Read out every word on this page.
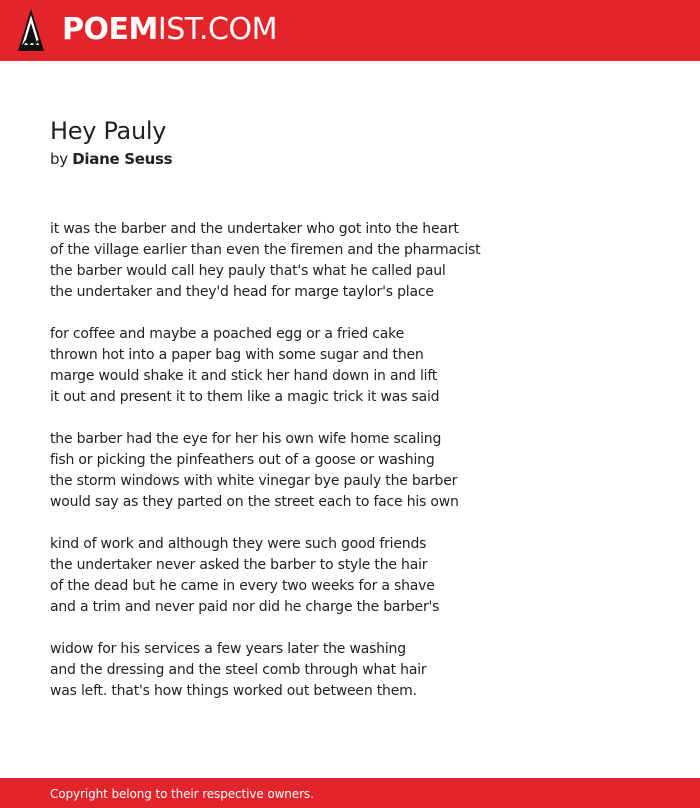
POEMIST.COM
Hey Pauly
by Diane Seuss
it was the barber and the undertaker who got into the heart
of the village earlier than even the firemen and the pharmacist
the barber would call hey pauly that's what he called paul
the undertaker and they'd head for marge taylor's place
for coffee and maybe a poached egg or a fried cake
thrown hot into a paper bag with some sugar and then
marge would shake it and stick her hand down in and lift
it out and present it to them like a magic trick it was said
the barber had the eye for her his own wife home scaling
fish or picking the pinfeathers out of a goose or washing
the storm windows with white vinegar bye pauly the barber
would say as they parted on the street each to face his own
kind of work and although they were such good friends
the undertaker never asked the barber to style the hair
of the dead but he came in every two weeks for a shave
and a trim and never paid nor did he charge the barber's
widow for his services a few years later the washing
and the dressing and the steel comb through what hair
was left. that's how things worked out between them.
Copyright belong to their respective owners.
